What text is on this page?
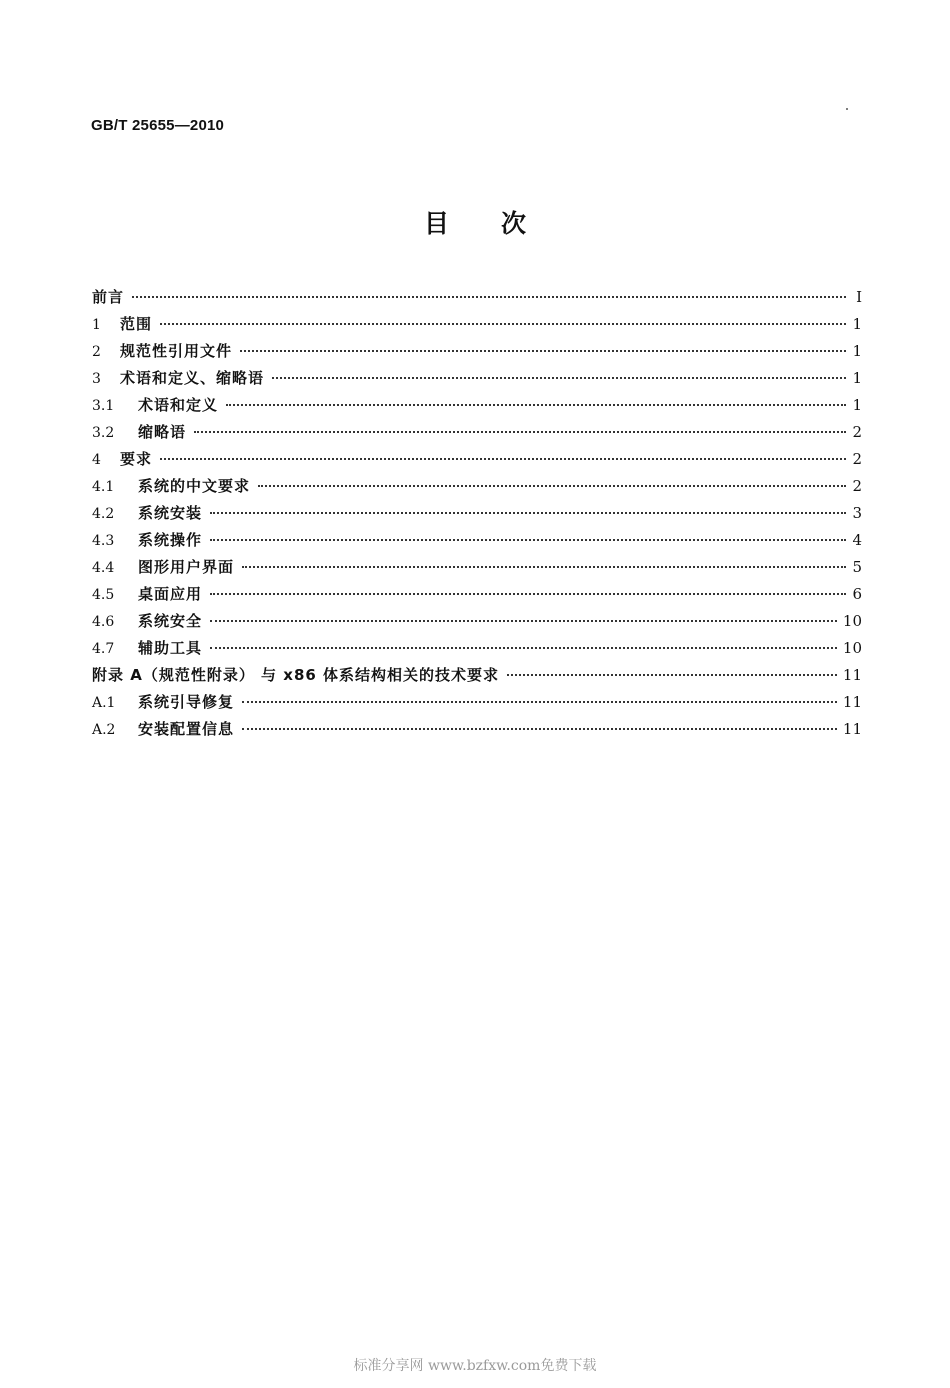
GB/T 25655—2010
目次
前言	I
1	范围	1
2	规范性引用文件	1
3	术语和定义、缩略语	1
3.1	术语和定义	1
3.2	缩略语	2
4	要求	2
4.1	系统的中文要求	2
4.2	系统安装	3
4.3	系统操作	4
4.4	图形用户界面	5
4.5	桌面应用	6
4.6	系统安全	10
4.7	辅助工具	10
附录 A（规范性附录） 与 x86 体系结构相关的技术要求	11
A.1	系统引导修复	11
A.2	安装配置信息	11
标准分享网 www.bzfxw.com免费下载
